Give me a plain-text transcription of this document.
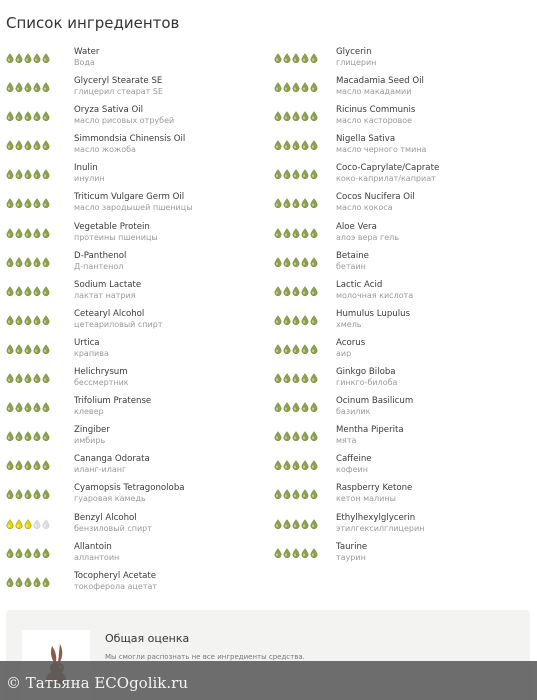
Список ингредиентов
Water
Вода
Glyceryl Stearate SE
глицерил стеарат SE
Oryza Sativa Oil
масло рисовых отрубей
Simmondsia Chinensis Oil
масло жожоба
Inulin
инулин
Triticum Vulgare Germ Oil
масло зародышей пшеницы
Vegetable Protein
протеины пшеницы
D-Panthenol
Д-пантенол
Sodium Lactate
лактат натрия
Cetearyl Alcohol
цетеариловый спирт
Urtica
крапива
Helichrysum
бессмертник
Trifolium Pratense
клевер
Zingiber
имбирь
Cananga Odorata
иланг-иланг
Cyamopsis Tetragonoloba
гуаровая камедь
Benzyl Alcohol
бензиловый спирт
Allantoin
аллантоин
Tocopheryl Acetate
токоферола ацетат
Glycerin
глицерин
Macadamia Seed Oil
масло макадамии
Ricinus Communis
масло касторовое
Nigella Sativa
масло черного тмина
Coco-Caprylate/Caprate
коко-каприлат/каприат
Cocos Nucifera Oil
масло кокоса
Aloe Vera
алоэ вера гель
Betaine
бетаин
Lactic Acid
молочная кислота
Humulus Lupulus
хмель
Acorus
аир
Ginkgo Biloba
гинкго-билоба
Ocinum Basilicum
базилик
Mentha Piperita
мята
Caffeine
кофеин
Raspberry Ketone
кетон малины
Ethylhexylglycerin
этилгексилглицерин
Taurine
таурин
Общая оценка
Мы смогли распознать не все ингредиенты средства.
© Татьяна ECOgolik.ru
